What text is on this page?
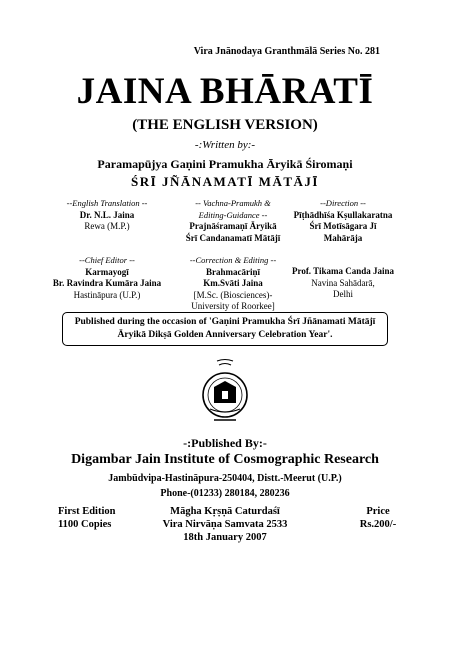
Vira Jnānodaya Granthmālā Series No. 281
JAINA BHĀRATĪ
(THE ENGLISH VERSION)
-:Written by:-
Paramapūjya Gaṇini Pramukha Āryikā Śiromaṇi
ŚRĪ JÑĀNAMATĪ MĀTĀJĪ
--English Translation --
Dr. N.L. Jaina
Rewa (M.P.)
-- Vachna-Pramukh &
Editing-Guidance --
Prajnāśramaṇī Āryikā
Śrī Candanamatī Mātājī
--Direction --
Pīṭhādhīśa Kṣullakaratna
Śrī Motīsāgara Jī
Mahārāja
--Chief Editor --
Karmayogī
Br. Ravindra Kumāra Jaina
Hastināpura (U.P.)
--Correction & Editing --
Brahmacāriṇī
Km.Svāti Jaina
[M.Sc. (Biosciences)-
University of Roorkee]
Prof. Tikama Canda Jaina
Navina Sahādarā,
Delhi
Published during the occasion of 'Gaṇini Pramukha Śrī Jñānamati Mātājī
Āryikā Dikṣā Golden Anniversary Celebration Year'.
-:Published By:-
Digambar Jain Institute of Cosmographic Research
Jambūdvipa-Hastināpura-250404, Distt.-Meerut (U.P.)
Phone-(01233) 280184, 280236
First Edition
1100 Copies
Māgha Kṛṣṇā Caturdaśī
Vira Nirvāṇa Samvata 2533
18th January 2007
Price
Rs.200/-
